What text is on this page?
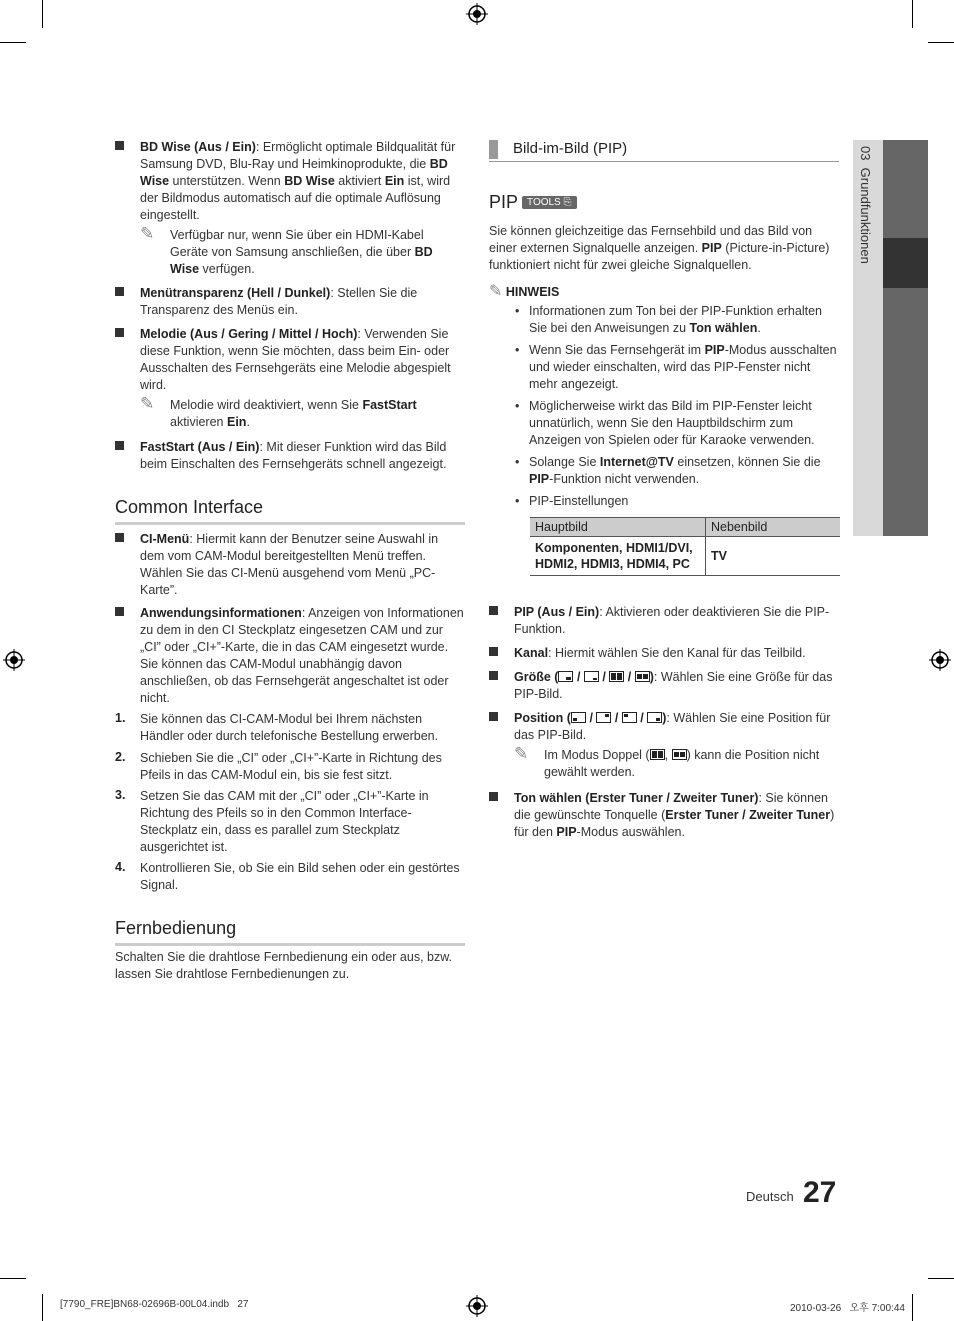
03  Grundfunktionen

BD Wise (Aus / Ein): Ermöglicht optimale Bildqualität für Samsung DVD, Blu-Ray und Heimkinoprodukte, die BD Wise unterstützen. Wenn BD Wise aktiviert Ein ist, wird der Bildmodus automatisch auf die optimale Auflösung eingestellt.

✎ Verfügbar nur, wenn Sie über ein HDMI-Kabel Geräte von Samsung anschließen, die über BD Wise verfügen.

Menütransparenz (Hell / Dunkel): Stellen Sie die Transparenz des Menüs ein.

Melodie (Aus / Gering / Mittel / Hoch): Verwenden Sie diese Funktion, wenn Sie möchten, dass beim Ein- oder Ausschalten des Fernsehgeräts eine Melodie abgespielt wird.

✎ Melodie wird deaktiviert, wenn Sie FastStart aktivieren Ein.

FastStart (Aus / Ein): Mit dieser Funktion wird das Bild beim Einschalten des Fernsehgeräts schnell angezeigt.

Common Interface

CI-Menü: Hiermit kann der Benutzer seine Auswahl in dem vom CAM-Modul bereitgestellten Menü treffen. Wählen Sie das CI-Menü ausgehend vom Menü „PC-Karte”.

Anwendungsinformationen: Anzeigen von Informationen zu dem in den CI Steckplatz eingesetzen CAM und zur „CI” oder „CI+”-Karte, die in das CAM eingesetzt wurde. Sie können das CAM-Modul unabhängig davon anschließen, ob das Fernsehgerät angeschaltet ist oder nicht.

1. Sie können das CI-CAM-Modul bei Ihrem nächsten Händler oder durch telefonische Bestellung erwerben.

2. Schieben Sie die „CI” oder „CI+”-Karte in Richtung des Pfeils in das CAM-Modul ein, bis sie fest sitzt.

3. Setzen Sie das CAM mit der „CI” oder „CI+”-Karte in Richtung des Pfeils so in den Common Interface-Steckplatz ein, dass es parallel zum Steckplatz ausgerichtet ist.

4. Kontrollieren Sie, ob Sie ein Bild sehen oder ein gestörtes Signal.

Fernbedienung

Schalten Sie die drahtlose Fernbedienung ein oder aus, bzw. lassen Sie drahtlose Fernbedienungen zu.

Bild-im-Bild (PIP)
PIP TOOLS ⎘

Sie können gleichzeitige das Fernsehbild und das Bild von einer externen Signalquelle anzeigen. PIP (Picture-in-Picture) funktioniert nicht für zwei gleiche Signalquellen.

✎ HINWEIS
• Informationen zum Ton bei der PIP-Funktion erhalten Sie bei den Anweisungen zu Ton wählen.
• Wenn Sie das Fernsehgerät im PIP-Modus ausschalten und wieder einschalten, wird das PIP-Fenster nicht mehr angezeigt.
• Möglicherweise wirkt das Bild im PIP-Fenster leicht unnatürlich, wenn Sie den Hauptbildschirm zum Anzeigen von Spielen oder für Karaoke verwenden.
• Solange Sie Internet@TV einsetzen, können Sie die PIP-Funktion nicht verwenden.
• PIP-Einstellungen
Hauptbild	Nebenbild
Komponenten, HDMI1/DVI, HDMI2, HDMI3, HDMI4, PC	TV

PIP (Aus / Ein): Aktivieren oder deaktivieren Sie die PIP-Funktion.

Kanal: Hiermit wählen Sie den Kanal für das Teilbild.

Größe (
/
/
/
): Wählen Sie eine Größe für das PIP-Bild.

Position (
/
/
/
): Wählen Sie eine Position für das PIP-Bild.

✎ Im Modus Doppel ( ,
) kann die Position nicht gewählt werden.

Ton wählen (Erster Tuner / Zweiter Tuner): Sie können die gewünschte Tonquelle (Erster Tuner / Zweiter Tuner) für den PIP-Modus auswählen.

Deutsch 27
[7790_FRE]BN68-02696B-00L04.indb   27	2010-03-26   오후 7:00:44
